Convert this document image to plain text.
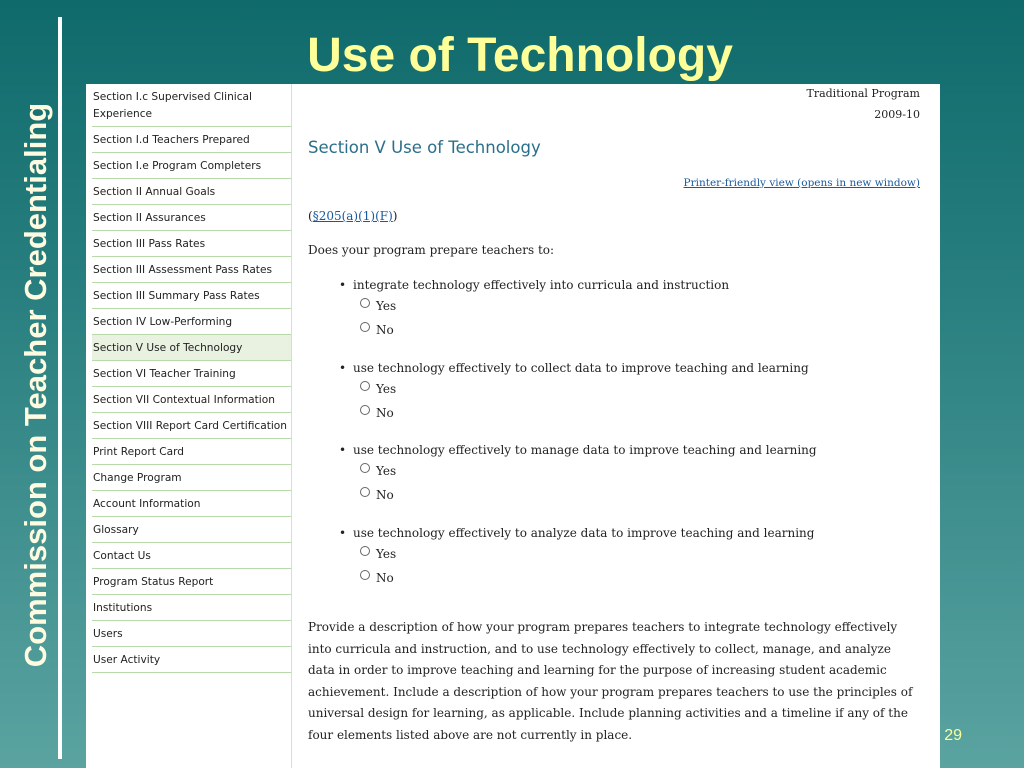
Commission on Teacher Credentialing
Use of Technology
Section I.c Supervised Clinical Experience
Section I.d Teachers Prepared
Section I.e Program Completers
Section II Annual Goals
Section II Assurances
Section III Pass Rates
Section III Assessment Pass Rates
Section III Summary Pass Rates
Section IV Low-Performing
Section V Use of Technology
Section VI Teacher Training
Section VII Contextual Information
Section VIII Report Card Certification
Print Report Card
Change Program
Account Information
Glossary
Contact Us
Program Status Report
Institutions
Users
User Activity
Traditional Program
2009-10
Section V Use of Technology
Printer-friendly view (opens in new window)
(§205(a)(1)(F))
Does your program prepare teachers to:
• integrate technology effectively into curricula and instruction
Yes
No
• use technology effectively to collect data to improve teaching and learning
Yes
No
• use technology effectively to manage data to improve teaching and learning
Yes
No
• use technology effectively to analyze data to improve teaching and learning
Yes
No

Provide a description of how your program prepares teachers to integrate technology effectively into curricula and instruction, and to use technology effectively to collect, manage, and analyze data in order to improve teaching and learning for the purpose of increasing student academic achievement. Include a description of how your program prepares teachers to use the principles of universal design for learning, as applicable. Include planning activities and a timeline if any of the four elements listed above are not currently in place.	29
